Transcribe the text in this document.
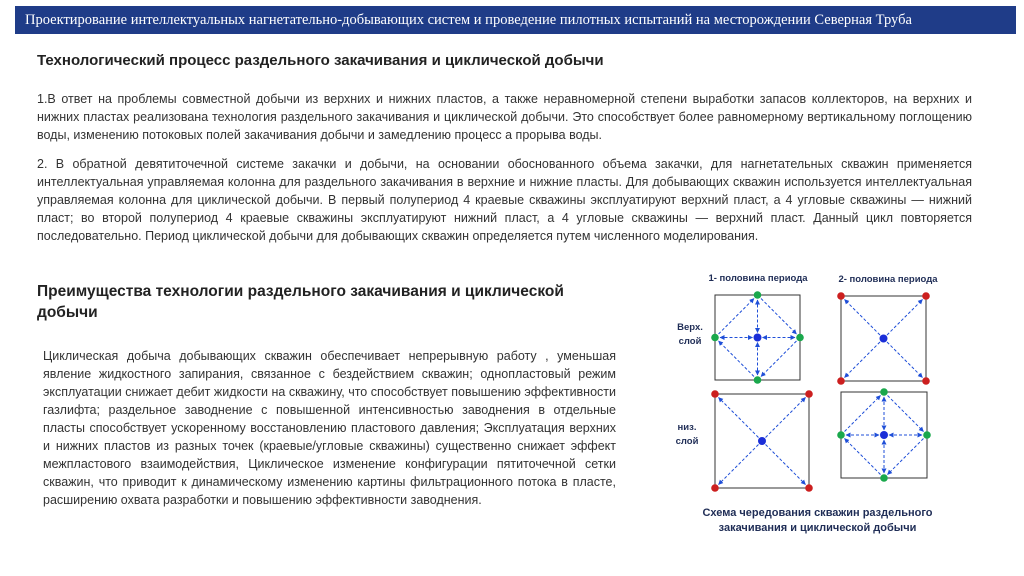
Проектирование интеллектуальных нагнетательно-добывающих систем и проведение пилотных испытаний на месторождении Северная Труба
Технологический процесс раздельного закачивания и циклической добычи
1.В ответ на проблемы совместной добычи из верхних и нижних пластов, а также неравномерной степени выработки запасов коллекторов, на верхних и нижних пластах реализована технология раздельного закачивания и циклической добычи. Это способствует более равномерному вертикальному поглощению воды, изменению потоковых полей закачивания добычи и замедлению процесс а прорыва воды.
2. В обратной девятиточечной системе закачки и добычи, на основании обоснованного объема закачки, для нагнетательных скважин применяется интеллектуальная управляемая колонна для раздельного закачивания в верхние и нижние пласты. Для добывающих скважин используется интеллектуальная управляемая колонна для циклической добычи. В первый полупериод 4 краевые скважины эксплуатируют верхний пласт, а 4 угловые скважины — нижний пласт; во второй полупериод 4 краевые скважины эксплуатируют нижний пласт, а 4 угловые скважины — верхний пласт. Данный цикл повторяется последовательно. Период циклической добычи для добывающих скважин определяется путем численного моделирования.
Преимущества технологии раздельного закачивания и циклической добычи
Циклическая добыча добывающих скважин обеспечивает непрерывную работу , уменьшая явление жидкостного запирания, связанное с бездействием скважин; однопластовый режим эксплуатации снижает дебит жидкости на скважину, что способствует повышению эффективности газлифта; раздельное заводнение с повышенной интенсивностью заводнения в отдельные пласты способствует ускоренному восстановлению пластового давления; Эксплуатация верхних и нижних пластов из разных точек (краевые/угловые скважины) существенно снижает эффект межпластового взаимодействия, Циклическое изменение конфигурации пятиточечной сетки скважин, что приводит к динамическому изменению картины фильтрационного потока в пласте, расширению охвата разработки и повышению эффективности заводнения.
1- половина периода	2- половина периода
Верх.
слой
низ.
слой
Схема чередования скважин раздельного закачивания и циклической добычи
